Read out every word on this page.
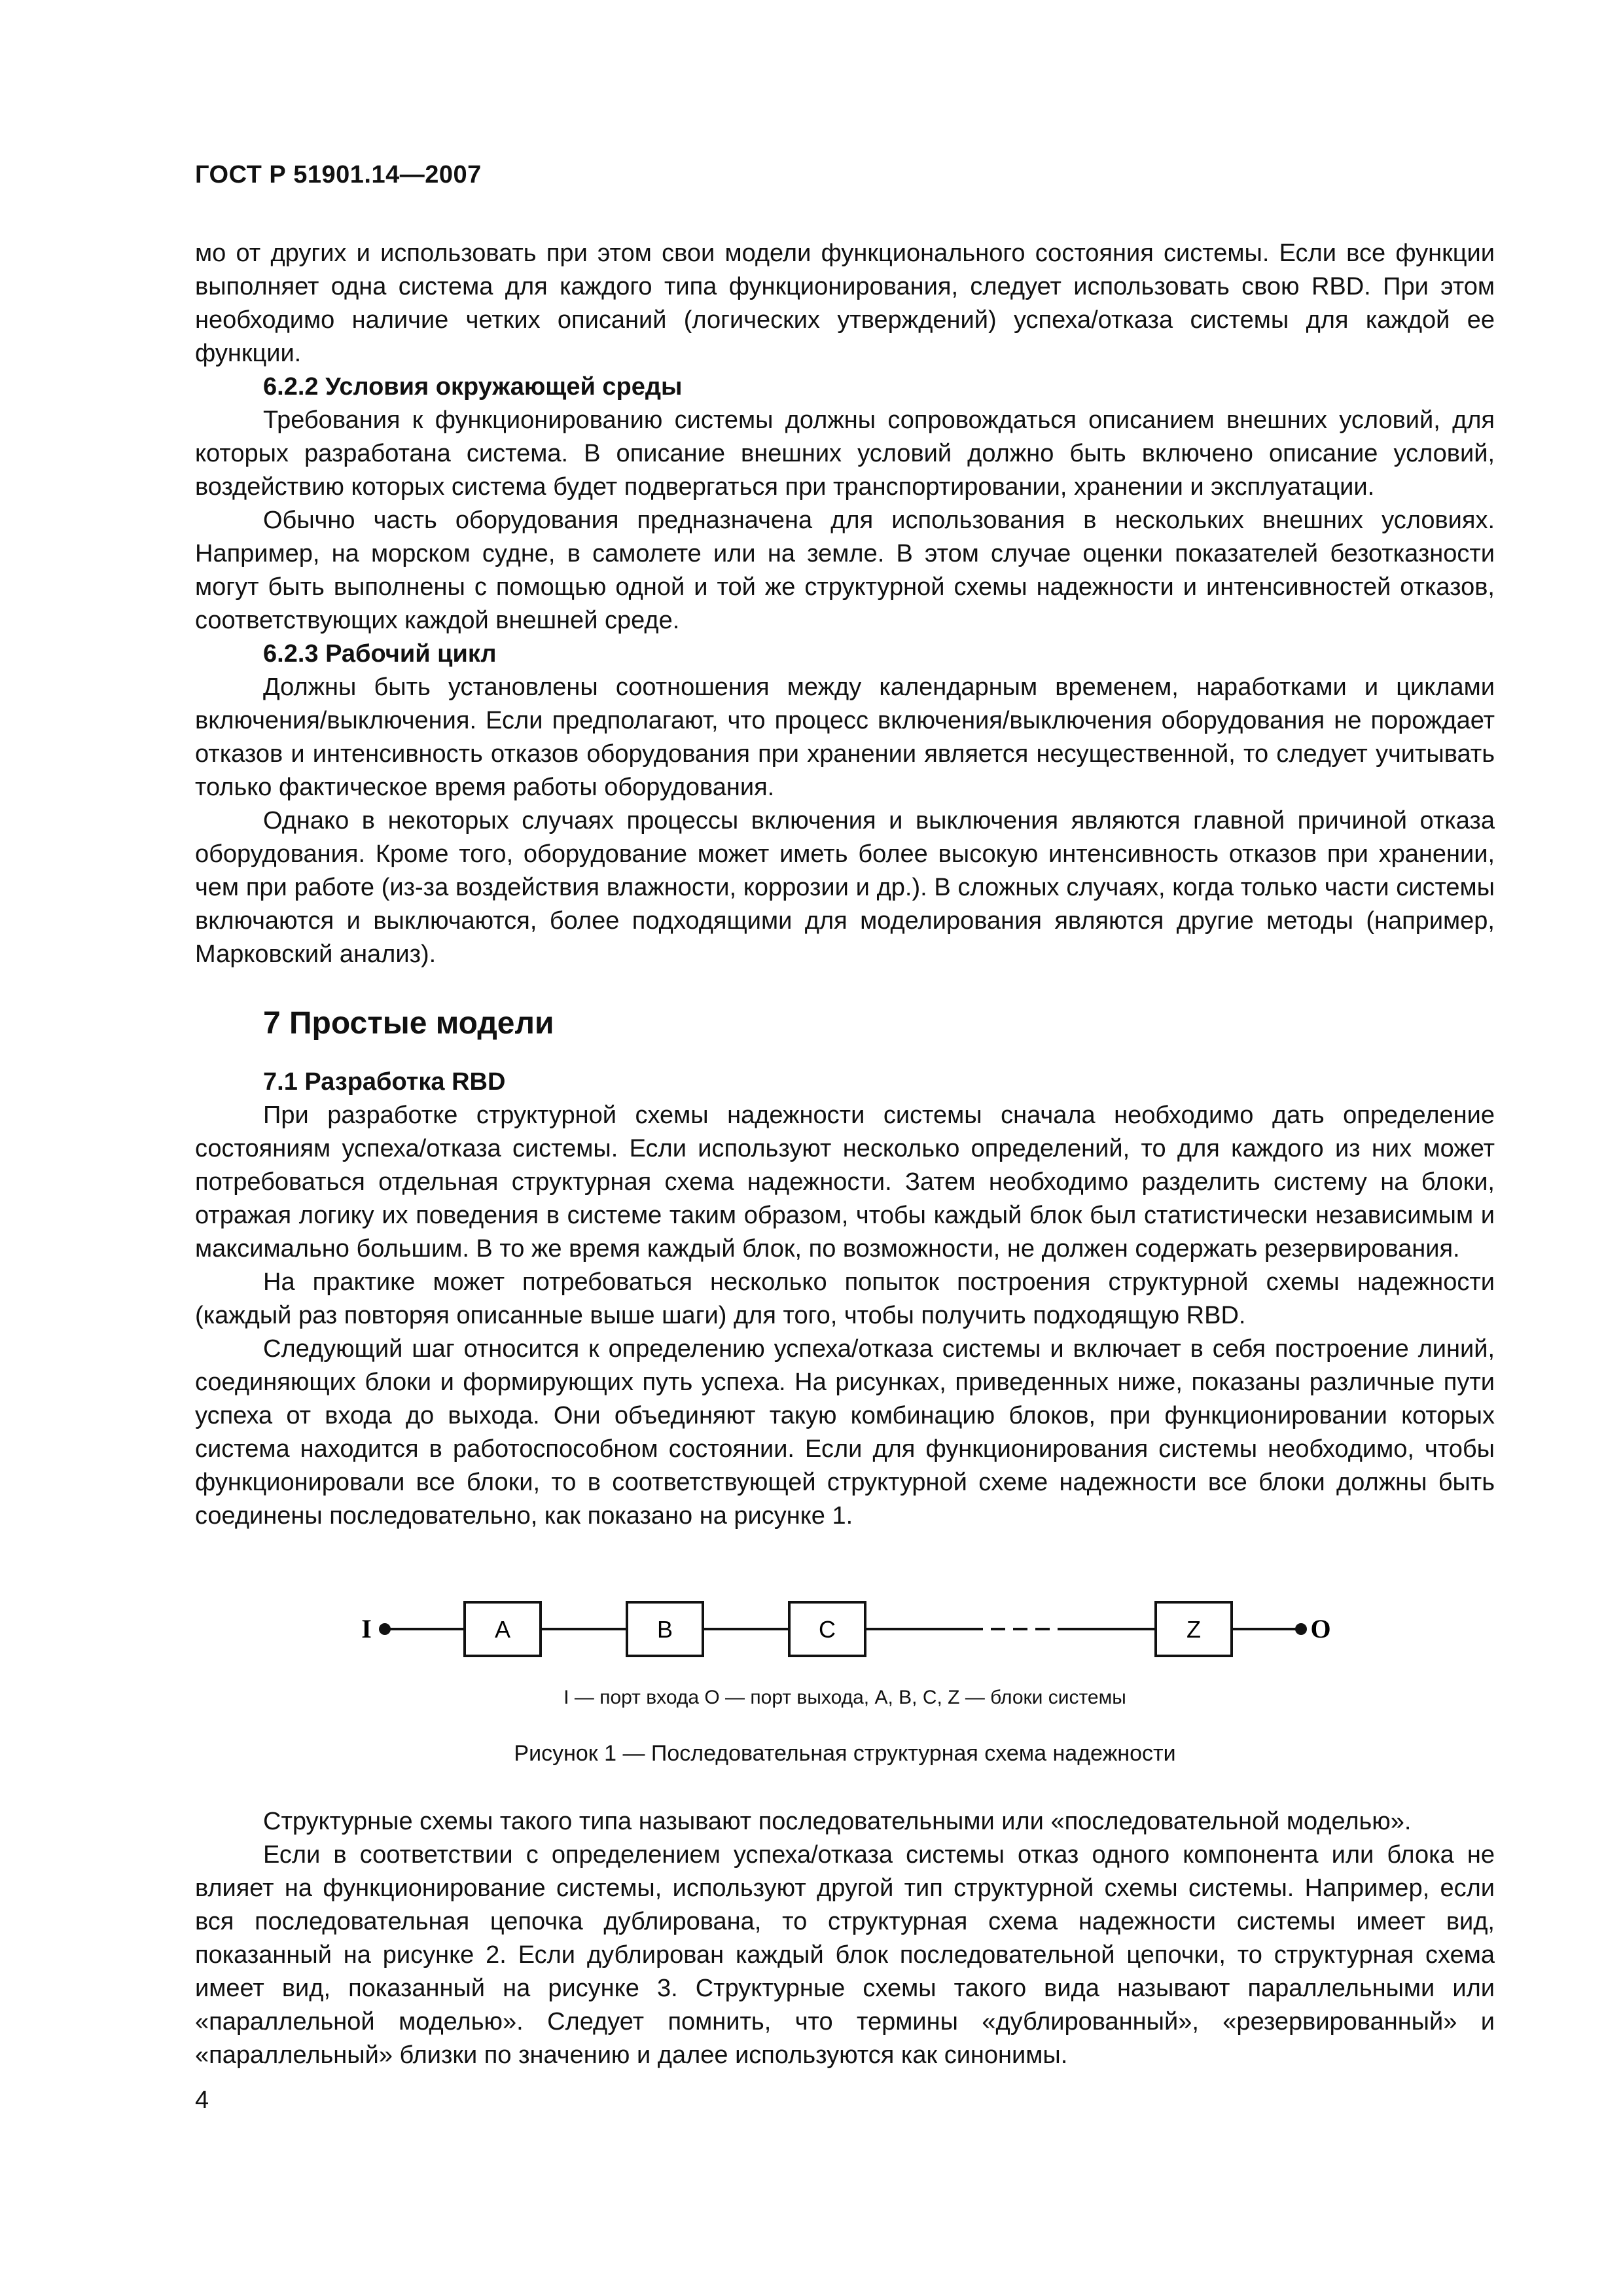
ГОСТ Р 51901.14—2007

мо от других и использовать при этом свои модели функционального состояния системы. Если все функции выполняет одна система для каждого типа функционирования, следует использовать свою RBD. При этом необходимо наличие четких описаний (логических утверждений) успеха/отказа системы для каждой ее функции.

6.2.2 Условия окружающей среды

Требования к функционированию системы должны сопровождаться описанием внешних условий, для которых разработана система. В описание внешних условий должно быть включено описание условий, воздействию которых система будет подвергаться при транспортировании, хранении и эксплуатации.

Обычно часть оборудования предназначена для использования в нескольких внешних условиях. Например, на морском судне, в самолете или на земле. В этом случае оценки показателей безотказности могут быть выполнены с помощью одной и той же структурной схемы надежности и интенсивностей отказов, соответствующих каждой внешней среде.

6.2.3 Рабочий цикл

Должны быть установлены соотношения между календарным временем, наработками и циклами включения/выключения. Если предполагают, что процесс включения/выключения оборудования не порождает отказов и интенсивность отказов оборудования при хранении является несущественной, то следует учитывать только фактическое время работы оборудования.

Однако в некоторых случаях процессы включения и выключения являются главной причиной отказа оборудования. Кроме того, оборудование может иметь более высокую интенсивность отказов при хранении, чем при работе (из-за воздействия влажности, коррозии и др.). В сложных случаях, когда только части системы включаются и выключаются, более подходящими для моделирования являются другие методы (например, Марковский анализ).

7 Простые модели

7.1 Разработка RBD

При разработке структурной схемы надежности системы сначала необходимо дать определение состояниям успеха/отказа системы. Если используют несколько определений, то для каждого из них может потребоваться отдельная структурная схема надежности. Затем необходимо разделить систему на блоки, отражая логику их поведения в системе таким образом, чтобы каждый блок был статистически независимым и максимально большим. В то же время каждый блок, по возможности, не должен содержать резервирования.

На практике может потребоваться несколько попыток построения структурной схемы надежности (каждый раз повторяя описанные выше шаги) для того, чтобы получить подходящую RBD.

Следующий шаг относится к определению успеха/отказа системы и включает в себя построение линий, соединяющих блоки и формирующих путь успеха. На рисунках, приведенных ниже, показаны различные пути успеха от входа до выхода. Они объединяют такую комбинацию блоков, при функционировании которых система находится в работоспособном состоянии. Если для функционирования системы необходимо, чтобы функционировали все блоки, то в соответствующей структурной схеме надежности все блоки должны быть соединены последовательно, как показано на рисунке 1.

I	O
A	B	C	Z
I — порт входа O — порт выхода, A, B, C, Z — блоки системы
Рисунок 1 — Последовательная структурная схема надежности

Структурные схемы такого типа называют последовательными или «последовательной моделью».

Если в соответствии с определением успеха/отказа системы отказ одного компонента или блока не влияет на функционирование системы, используют другой тип структурной схемы системы. Например, если вся последовательная цепочка дублирована, то структурная схема надежности системы имеет вид, показанный на рисунке 2. Если дублирован каждый блок последовательной цепочки, то структурная схема имеет вид, показанный на рисунке 3. Структурные схемы такого вида называют параллельными или «параллельной моделью». Следует помнить, что термины «дублированный», «резервированный» и «параллельный» близки по значению и далее используются как синонимы.

4
